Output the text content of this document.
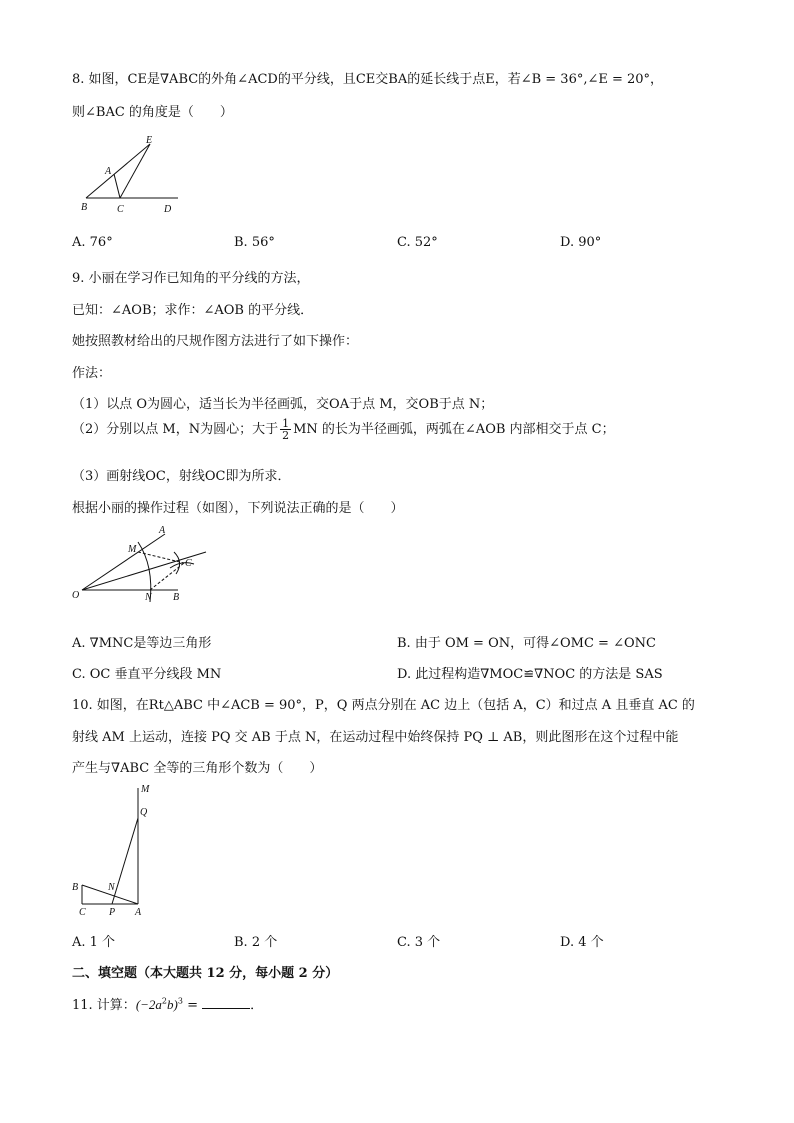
8. 如图，CE是∇ABC的外角∠ACD的平分线，且CE交BA的延长线于点E，若∠B = 36°,∠E = 20°，
则∠BAC 的角度是（　　）
E
A
B	C	D
A. 76°	B. 56°	C. 52°	D. 90°
9. 小丽在学习作已知角的平分线的方法，
已知：∠AOB；求作：∠AOB 的平分线．
她按照教材给出的尺规作图方法进行了如下操作：
作法：
（1）以点 O为圆心，适当长为半径画弧，交OA于点 M，交OB于点 N；
（2）分别以点 M，N为圆心；大于 $\frac{1}{2}$ MN 的长为半径画弧，两弧在∠AOB 内部相交于点 C；
（3）画射线OC，射线OC即为所求．
根据小丽的操作过程（如图），下列说法正确的是（　　）
A
M
C
O	N B
A. ∇MNC是等边三角形	B. 由于 OM = ON，可得∠OMC = ∠ONC
C. OC 垂直平分线段 MN	D. 此过程构造∇MOC≌∇NOC 的方法是 SAS
10. 如图，在Rt△ABC 中∠ACB = 90°，P，Q 两点分别在 AC 边上（包括 A，C）和过点 A 且垂直 AC 的
射线 AM 上运动，连接 PQ 交 AB 于点 N，在运动过程中始终保持 PQ ⊥ AB，则此图形在这个过程中能
产生与∇ABC 全等的三角形个数为（　　）
M
Q
B	N
C P A
A. 1 个	B. 2 个	C. 3 个	D. 4 个
二、填空题（本大题共 12 分，每小题 2 分）
11. 计算：$(-2a^2b)^3$ =	．
